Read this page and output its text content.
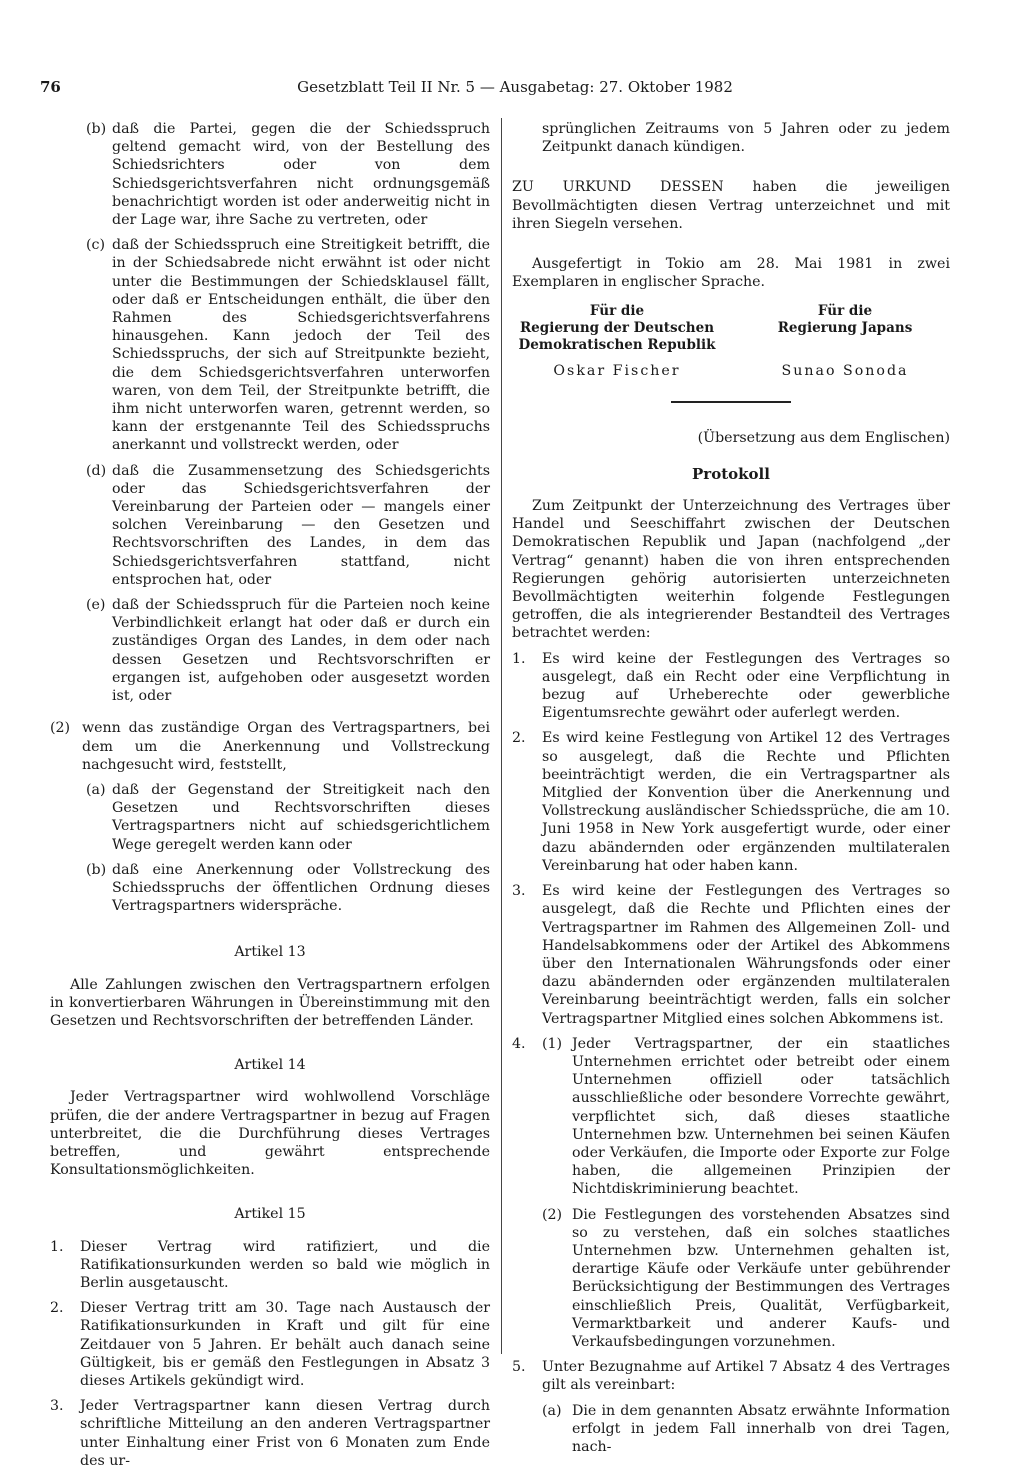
Gesetzblatt Teil II Nr. 5 — Ausgabetag: 27. Oktober 1982
76
(b) daß die Partei, gegen die der Schiedsspruch geltend gemacht wird, von der Bestellung des Schiedsrichters oder von dem Schiedsgerichtsverfahren nicht ordnungsgemäß benachrichtigt worden ist oder anderweitig nicht in der Lage war, ihre Sache zu vertreten, oder
(c) daß der Schiedsspruch eine Streitigkeit betrifft, die in der Schiedsabrede nicht erwähnt ist oder nicht unter die Bestimmungen der Schiedsklausel fällt, oder daß er Entscheidungen enthält, die über den Rahmen des Schiedsgerichtsverfahrens hinausgehen. Kann jedoch der Teil des Schiedsspruchs, der sich auf Streitpunkte bezieht, die dem Schiedsgerichtsverfahren unterworfen waren, von dem Teil, der Streitpunkte betrifft, die ihm nicht unterworfen waren, getrennt werden, so kann der erstgenannte Teil des Schiedsspruchs anerkannt und vollstreckt werden, oder
(d) daß die Zusammensetzung des Schiedsgerichts oder das Schiedsgerichtsverfahren der Vereinbarung der Parteien oder — mangels einer solchen Vereinbarung — den Gesetzen und Rechtsvorschriften des Landes, in dem das Schiedsgerichtsverfahren stattfand, nicht entsprochen hat, oder
(e) daß der Schiedsspruch für die Parteien noch keine Verbindlichkeit erlangt hat oder daß er durch ein zuständiges Organ des Landes, in dem oder nach dessen Gesetzen und Rechtsvorschriften er ergangen ist, aufgehoben oder ausgesetzt worden ist, oder
(2) wenn das zuständige Organ des Vertragspartners, bei dem um die Anerkennung und Vollstreckung nachgesucht wird, feststellt,
(a) daß der Gegenstand der Streitigkeit nach den Gesetzen und Rechtsvorschriften dieses Vertragspartners nicht auf schiedsgerichtlichem Wege geregelt werden kann oder
(b) daß eine Anerkennung oder Vollstreckung des Schiedsspruchs der öffentlichen Ordnung dieses Vertragspartners widerspräche.
Artikel 13
Alle Zahlungen zwischen den Vertragspartnern erfolgen in konvertierbaren Währungen in Übereinstimmung mit den Gesetzen und Rechtsvorschriften der betreffenden Länder.
Artikel 14
Jeder Vertragspartner wird wohlwollend Vorschläge prüfen, die der andere Vertragspartner in bezug auf Fragen unterbreitet, die die Durchführung dieses Vertrages betreffen, und gewährt entsprechende Konsultationsmöglichkeiten.
Artikel 15
1.	Dieser Vertrag wird ratifiziert, und die Ratifikationsurkunden werden so bald wie möglich in Berlin ausgetauscht.
2.	Dieser Vertrag tritt am 30. Tage nach Austausch der Ratifikationsurkunden in Kraft und gilt für eine Zeitdauer von 5 Jahren. Er behält auch danach seine Gültigkeit, bis er gemäß den Festlegungen in Absatz 3 dieses Artikels gekündigt wird.
3.	Jeder Vertragspartner kann diesen Vertrag durch schriftliche Mitteilung an den anderen Vertragspartner unter Einhaltung einer Frist von 6 Monaten zum Ende des ur-
sprünglichen Zeitraums von 5 Jahren oder zu jedem Zeitpunkt danach kündigen.
ZU URKUND DESSEN haben die jeweiligen Bevollmächtigten diesen Vertrag unterzeichnet und mit ihren Siegeln versehen.
Ausgefertigt in Tokio am 28. Mai 1981 in zwei Exemplaren in englischer Sprache.
Für die
Regierung der Deutschen
Demokratischen Republik
Oskar Fischer
Für die
Regierung Japans

Sunao Sonoda
(Übersetzung aus dem Englischen)
Protokoll
Zum Zeitpunkt der Unterzeichnung des Vertrages über Handel und Seeschiffahrt zwischen der Deutschen Demokratischen Republik und Japan (nachfolgend „der Vertrag“ genannt) haben die von ihren entsprechenden Regierungen gehörig autorisierten unterzeichneten Bevollmächtigten weiterhin folgende Festlegungen getroffen, die als integrierender Bestandteil des Vertrages betrachtet werden:
1.	Es wird keine der Festlegungen des Vertrages so ausgelegt, daß ein Recht oder eine Verpflichtung in bezug auf Urheberechte oder gewerbliche Eigentumsrechte gewährt oder auferlegt werden.
2.	Es wird keine Festlegung von Artikel 12 des Vertrages so ausgelegt, daß die Rechte und Pflichten beeinträchtigt werden, die ein Vertragspartner als Mitglied der Konvention über die Anerkennung und Vollstreckung ausländischer Schiedssprüche, die am 10. Juni 1958 in New York ausgefertigt wurde, oder einer dazu abändernden oder ergänzenden multilateralen Vereinbarung hat oder haben kann.
3.	Es wird keine der Festlegungen des Vertrages so ausgelegt, daß die Rechte und Pflichten eines der Vertragspartner im Rahmen des Allgemeinen Zoll- und Handelsabkommens oder der Artikel des Abkommens über den Internationalen Währungsfonds oder einer dazu abändernden oder ergänzenden multilateralen Vereinbarung beeinträchtigt werden, falls ein solcher Vertragspartner Mitglied eines solchen Abkommens ist.
4.	(1) Jeder Vertragspartner, der ein staatliches Unternehmen errichtet oder betreibt oder einem Unternehmen offiziell oder tatsächlich ausschließliche oder besondere Vorrechte gewährt, verpflichtet sich, daß dieses staatliche Unternehmen bzw. Unternehmen bei seinen Käufen oder Verkäufen, die Importe oder Exporte zur Folge haben, die allgemeinen Prinzipien der Nichtdiskriminierung beachtet.
(2) Die Festlegungen des vorstehenden Absatzes sind so zu verstehen, daß ein solches staatliches Unternehmen bzw. Unternehmen gehalten ist, derartige Käufe oder Verkäufe unter gebührender Berücksichtigung der Bestimmungen des Vertrages einschließlich Preis, Qualität, Verfügbarkeit, Vermarktbarkeit und anderer Kaufs- und Verkaufsbedingungen vorzunehmen.
5.	Unter Bezugnahme auf Artikel 7 Absatz 4 des Vertrages gilt als vereinbart:
(a) Die in dem genannten Absatz erwähnte Information erfolgt in jedem Fall innerhalb von drei Tagen, nach-
